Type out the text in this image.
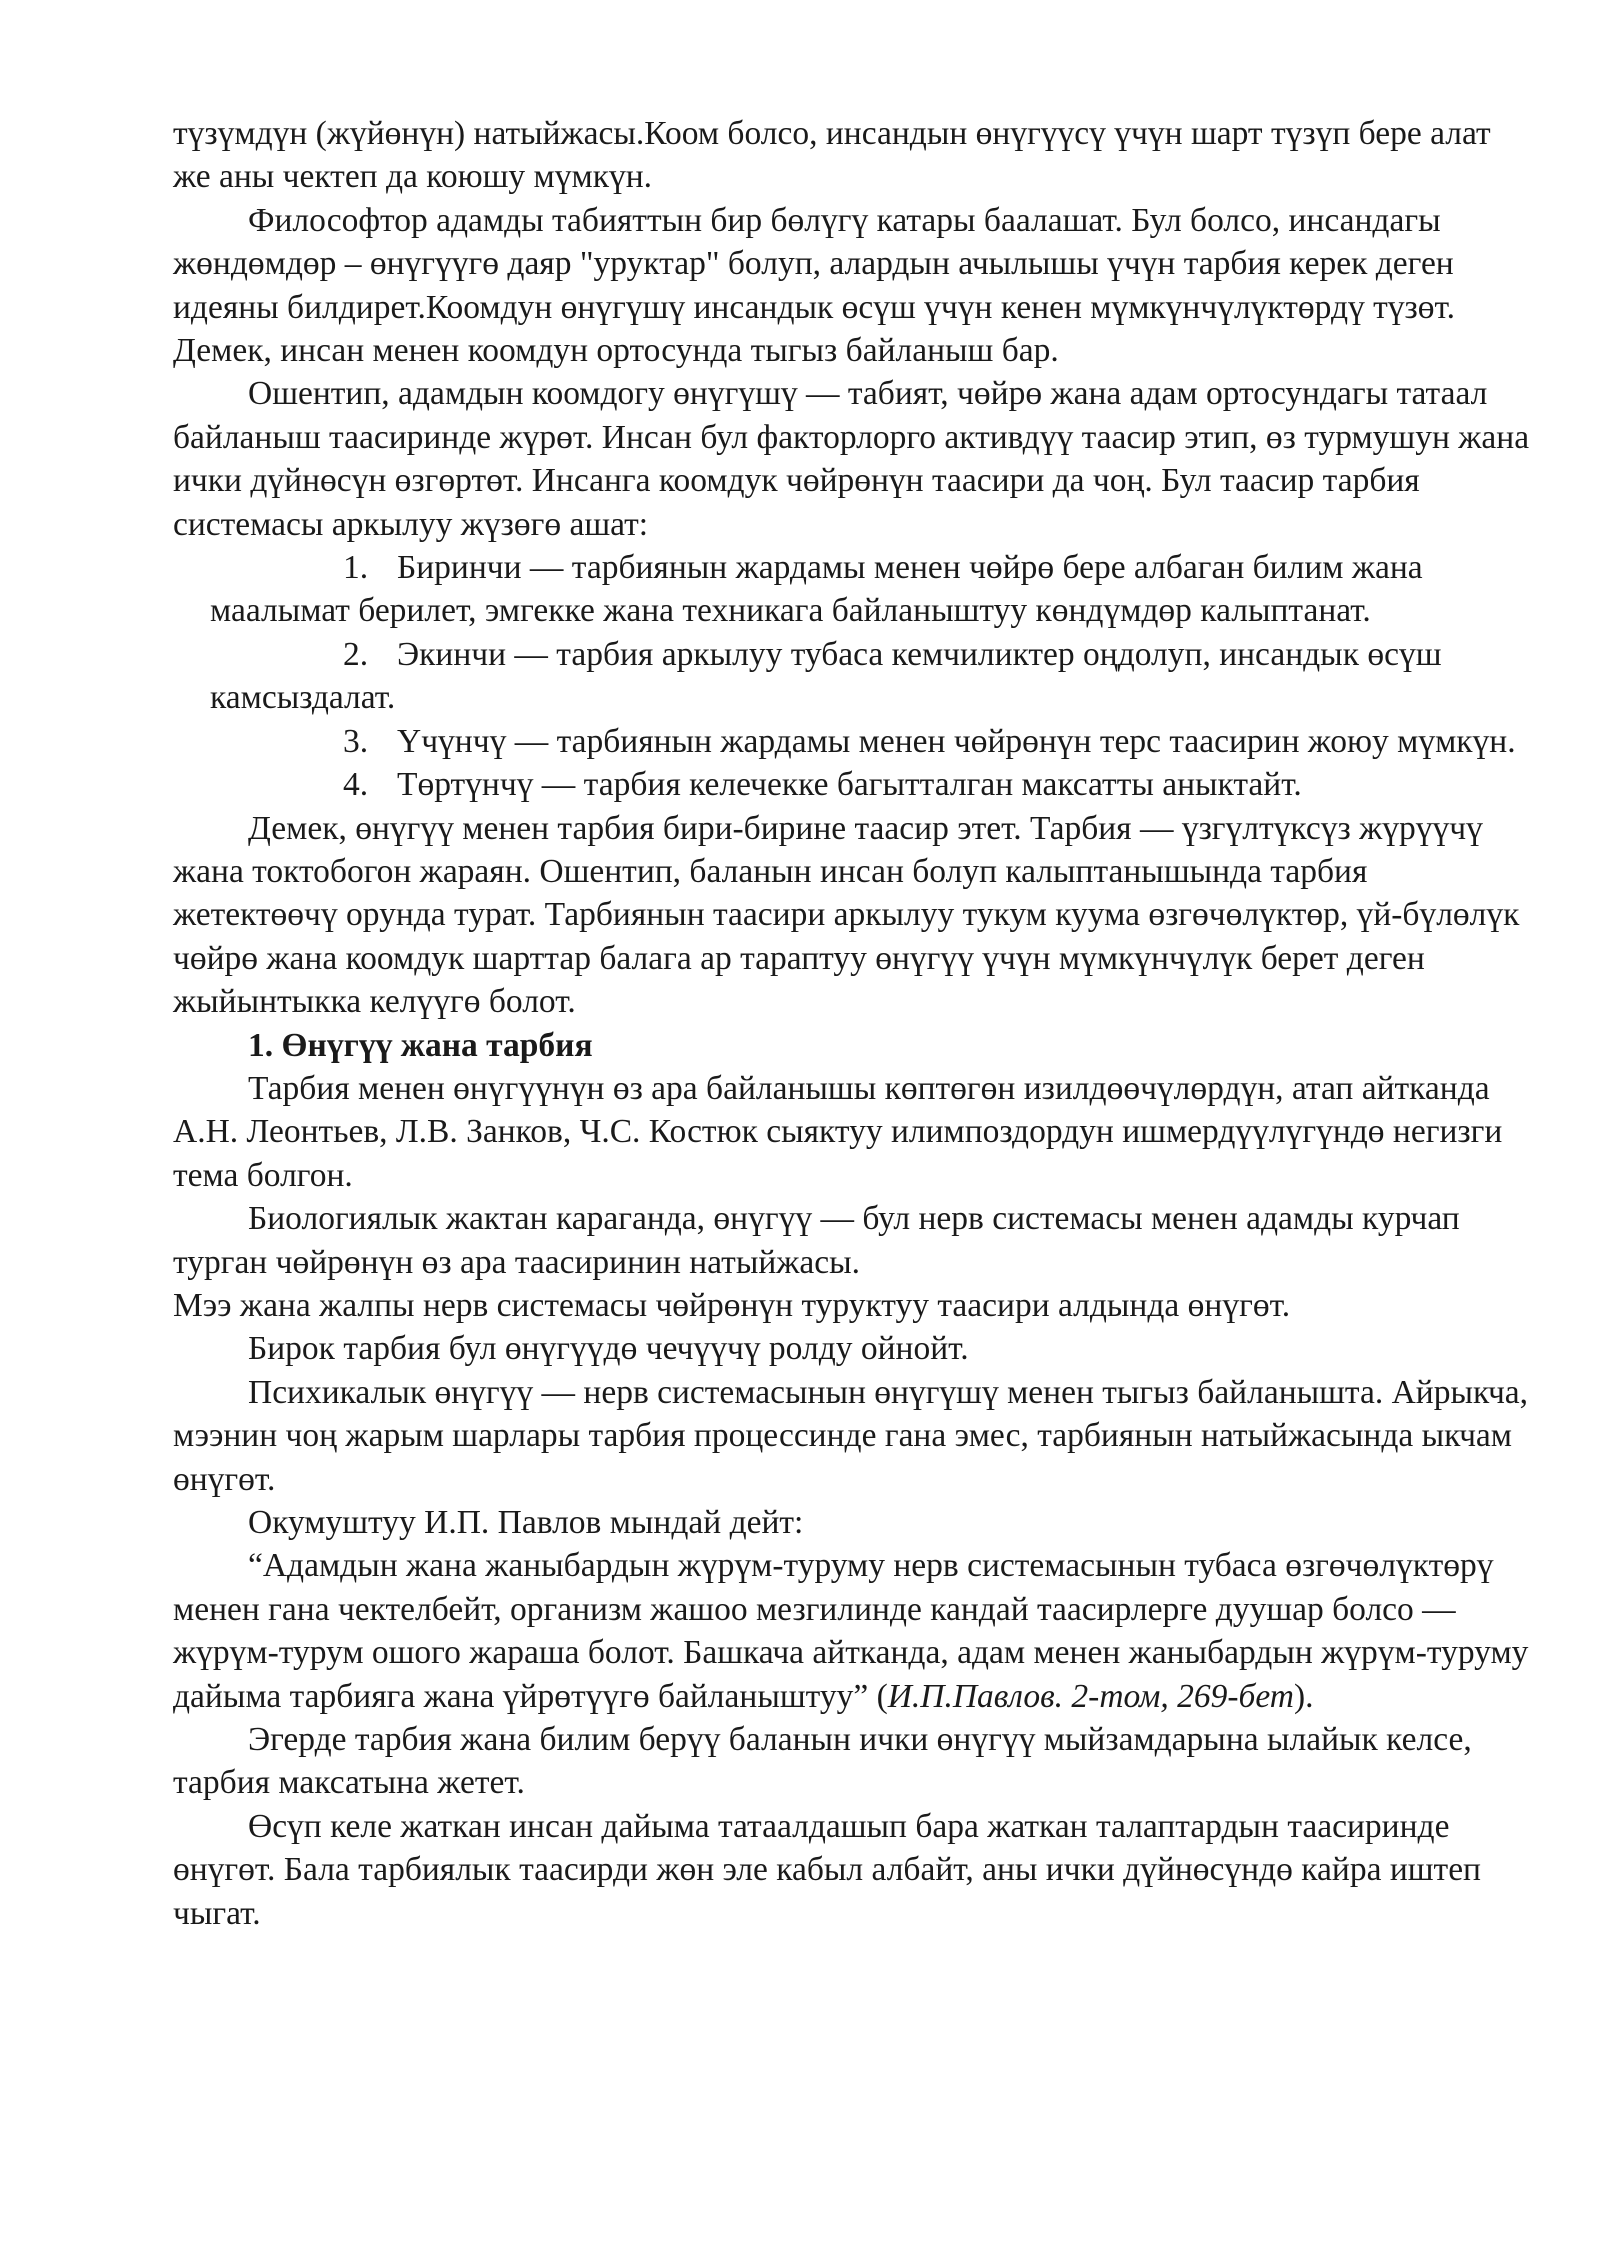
түзүмдүн (жүйөнүн) натыйжасы.Коом болсо, инсандын өнүгүүсү үчүн шарт түзүп бере алат же аны чектеп да коюшу мүмкүн.

Философтор адамды табияттын бир бөлүгү катары баалашат. Бул болсо, инсандагы жөндөмдөр – өнүгүүгө даяр "уруктар" болуп, алардын ачылышы үчүн тарбия керек деген идеяны билдирет.Коомдун өнүгүшү инсандык өсүш үчүн кенен мүмкүнчүлүктөрдү түзөт. Демек, инсан менен коомдун ортосунда тыгыз байланыш бар.

Ошентип, адамдын коомдогу өнүгүшү — табият, чөйрө жана адам ортосундагы татаал байланыш таасиринде жүрөт. Инсан бул факторлорго активдүү таасир этип, өз турмушун жана ички дүйнөсүн өзгөртөт. Инсанга коомдук чөйрөнүн таасири да чоң. Бул таасир тарбия системасы аркылуу жүзөгө ашат:

1. Биринчи — тарбиянын жардамы менен чөйрө бере албаган билим жана маалымат берилет, эмгекке жана техникага байланыштуу көндүмдөр калыптанат.
2. Экинчи — тарбия аркылуу тубаса кемчиликтер оңдолуп, инсандык өсүш камсыздалат.
3. Үчүнчү — тарбиянын жардамы менен чөйрөнүн терс таасирин жоюу мүмкүн.
4. Төртүнчү — тарбия келечекке багытталган максатты аныктайт.

Демек, өнүгүү менен тарбия бири-бирине таасир этет. Тарбия — үзгүлтүксүз жүрүүчү жана токтобогон жараян. Ошентип, баланын инсан болуп калыптанышында тарбия жетектөөчү орунда турат. Тарбиянын таасири аркылуу тукум куума өзгөчөлүктөр, үй-бүлөлүк чөйрө жана коомдук шарттар балага ар тараптуу өнүгүү үчүн мүмкүнчүлүк берет деген жыйынтыкка келүүгө болот.

1. Өнүгүү жана тарбия

Тарбия менен өнүгүүнүн өз ара байланышы көптөгөн изилдөөчүлөрдүн, атап айтканда А.Н. Леонтьев, Л.В. Занков, Ч.С. Костюк сыяктуу илимпоздордун ишмердүүлүгүндө негизги тема болгон.

Биологиялык жактан караганда, өнүгүү — бул нерв системасы менен адамды курчап турган чөйрөнүн өз ара таасиринин натыйжасы.

Мээ жана жалпы нерв системасы чөйрөнүн туруктуу таасири алдында өнүгөт.

Бирок тарбия бул өнүгүүдө чечүүчү ролду ойнойт.

Психикалык өнүгүү — нерв системасынын өнүгүшү менен тыгыз байланышта. Айрыкча, мээнин чоң жарым шарлары тарбия процессинде гана эмес, тарбиянын натыйжасында ыкчам өнүгөт.

Окумуштуу И.П. Павлов мындай дейт:

“Адамдын жана жаныбардын жүрүм-туруму нерв системасынын тубаса өзгөчөлүктөрү менен гана чектелбейт, организм жашоо мезгилинде кандай таасирлерге дуушар болсо — жүрүм-турум ошого жараша болот. Башкача айтканда, адам менен жаныбардын жүрүм-туруму дайыма тарбияга жана үйрөтүүгө байланыштуу” (И.П.Павлов. 2-том, 269-бет).

Эгерде тарбия жана билим берүү баланын ички өнүгүү мыйзамдарына ылайык келсе, тарбия максатына жетет.

Өсүп келе жаткан инсан дайыма татаалдашып бара жаткан талаптардын таасиринде өнүгөт. Бала тарбиялык таасирди жөн эле кабыл албайт, аны ички дүйнөсүндө кайра иштеп чыгат.
